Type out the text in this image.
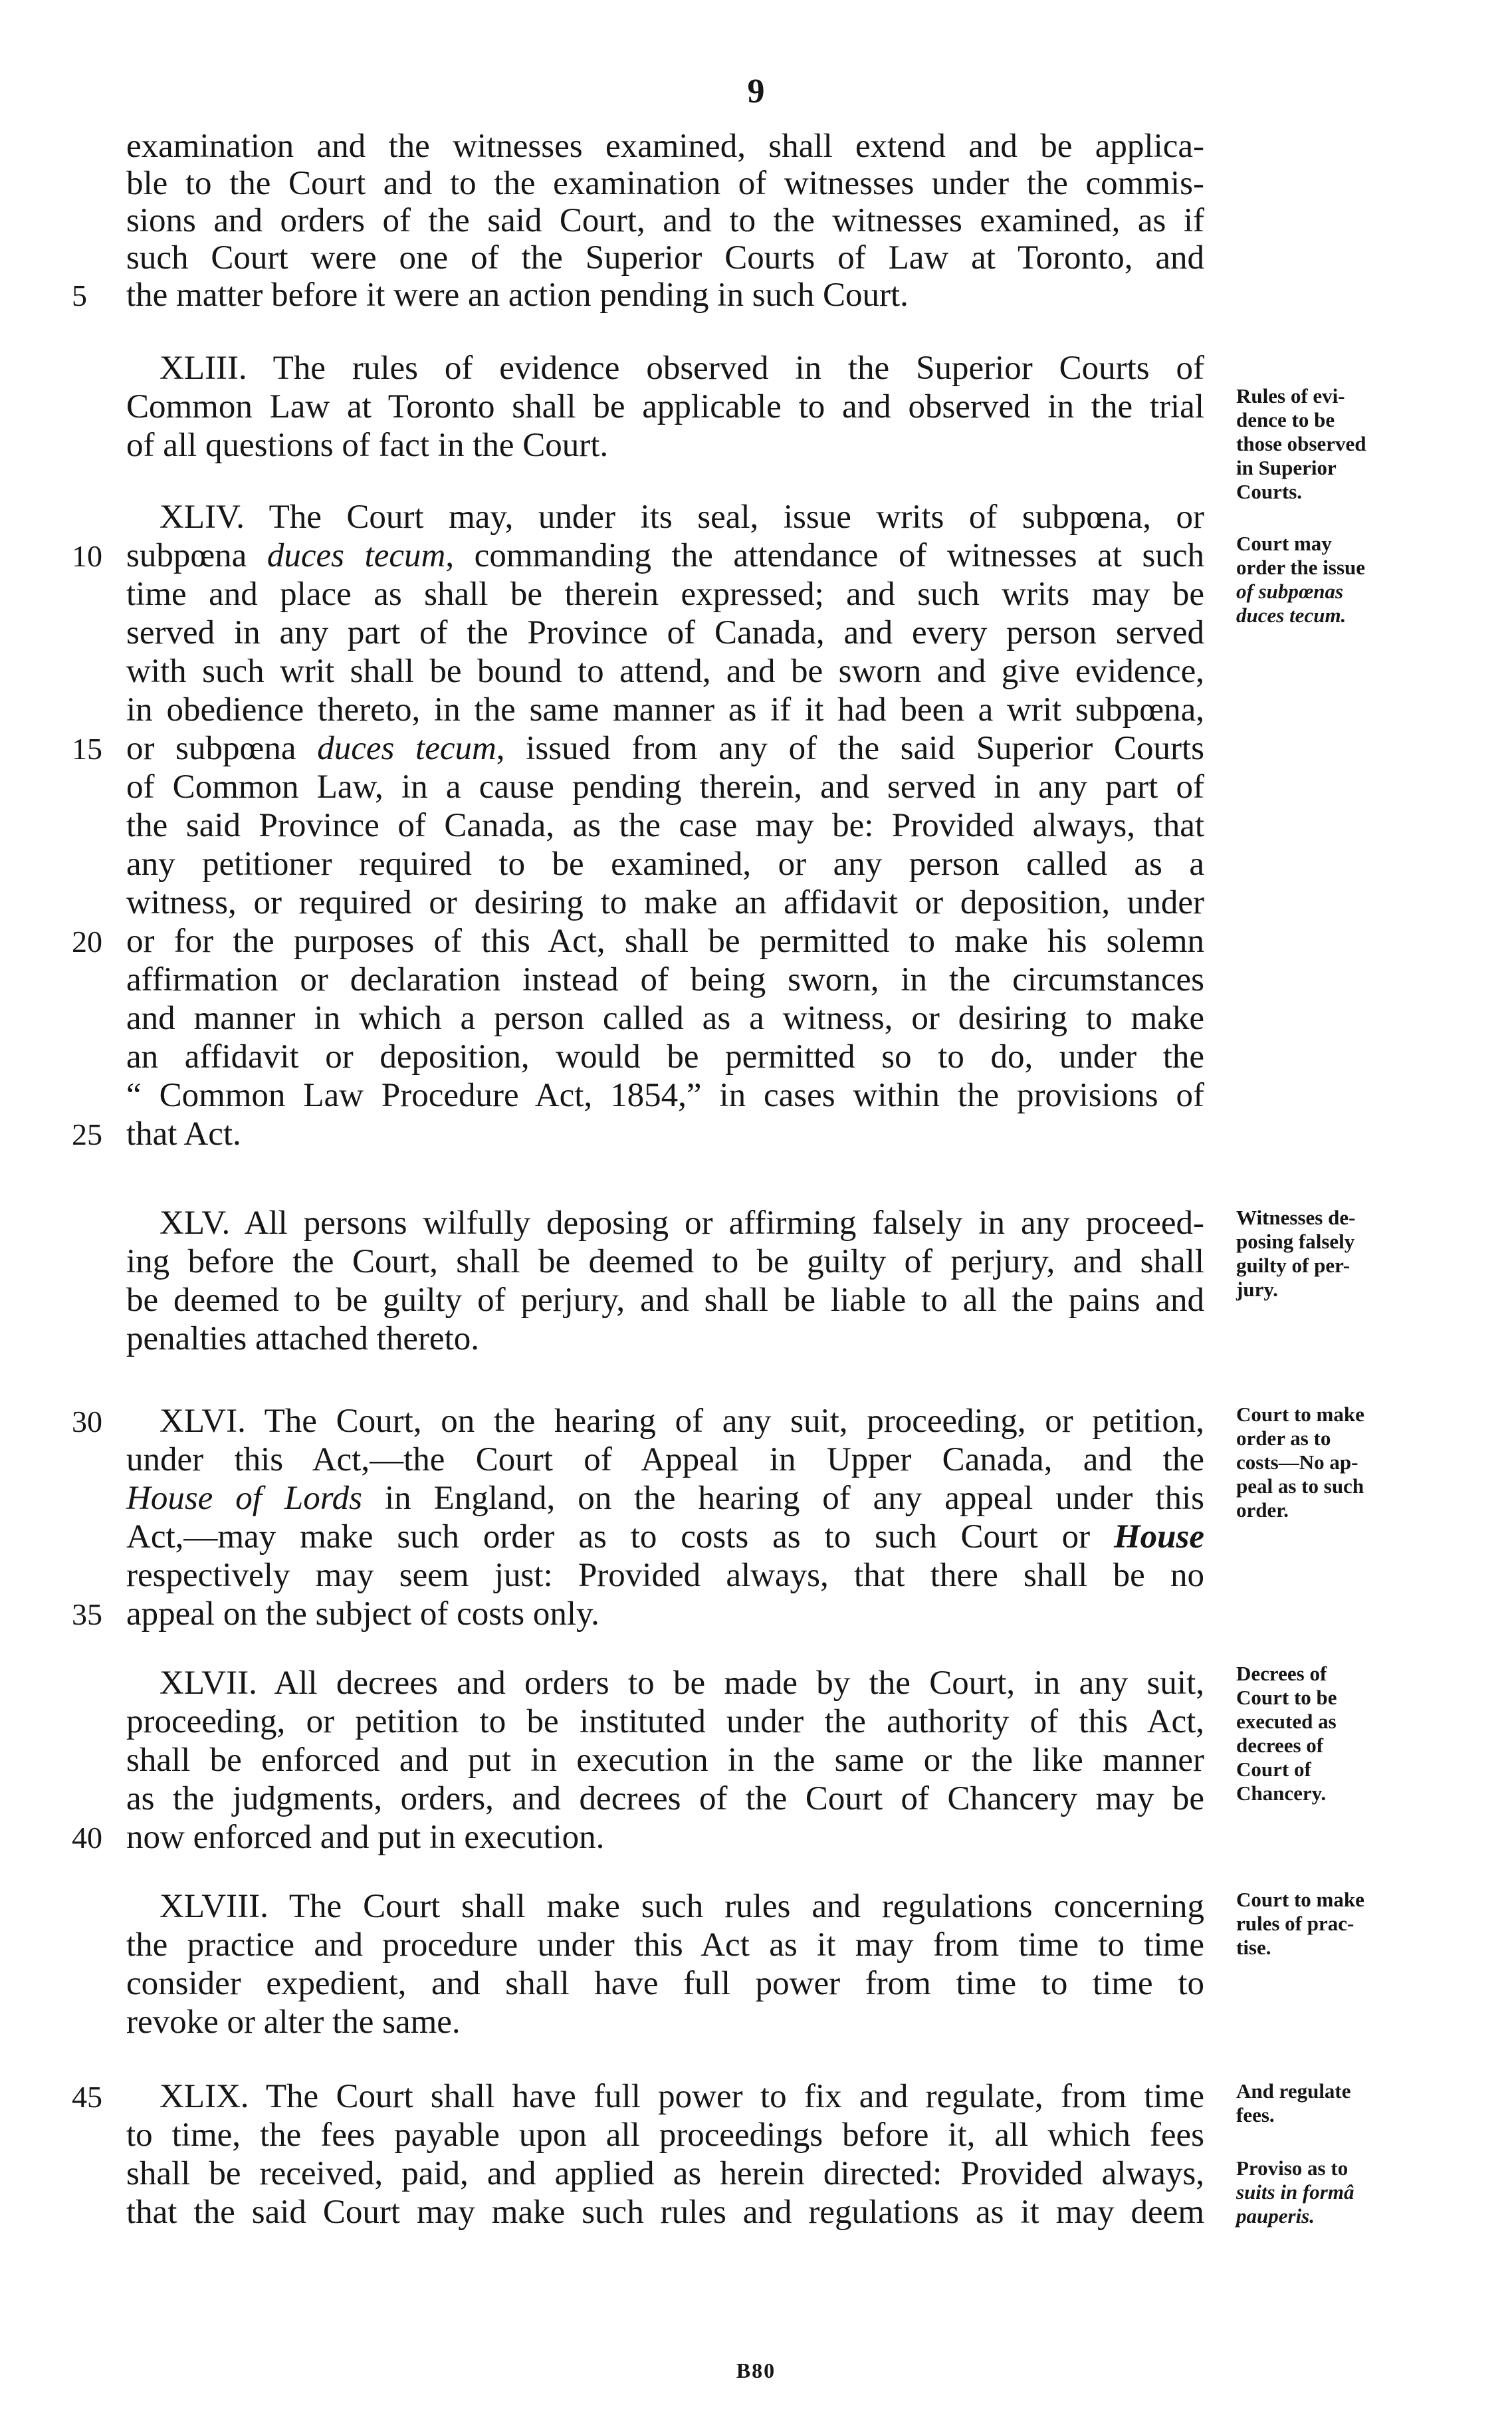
9
examination and the witnesses examined, shall extend and be applica-
ble to the Court and to the examination of witnesses under the commis-
sions and orders of the said Court, and to the witnesses examined, as if
such Court were one of the Superior Courts of Law at Toronto, and
5	the matter before it were an action pending in such Court.
XLIII. The rules of evidence observed in the Superior Courts of
Common Law at Toronto shall be applicable to and observed in the trial
of all questions of fact in the Court.
XLIV. The Court may, under its seal, issue writs of subpœna, or
10 subpœna duces tecum, commanding the attendance of witnesses at such
time and place as shall be therein expressed; and such writs may be
served in any part of the Province of Canada, and every person served
with such writ shall be bound to attend, and be sworn and give evidence,
in obedience thereto, in the same manner as if it had been a writ subpœna,
15 or subpœna duces tecum, issued from any of the said Superior Courts
of Common Law, in a cause pending therein, and served in any part of
the said Province of Canada, as the case may be: Provided always, that
any petitioner required to be examined, or any person called as a
witness, or required or desiring to make an affidavit or deposition, under
20 or for the purposes of this Act, shall be permitted to make his solemn
affirmation or declaration instead of being sworn, in the circumstances
and manner in which a person called as a witness, or desiring to make
an affidavit or deposition, would be permitted so to do, under the
“ Common Law Procedure Act, 1854,” in cases within the provisions of
25 that Act.
XLV. All persons wilfully deposing or affirming falsely in any proceed-
ing before the Court, shall be deemed to be guilty of perjury, and shall
be deemed to be guilty of perjury, and shall be liable to all the pains and
penalties attached thereto.
30 XLVI. The Court, on the hearing of any suit, proceeding, or petition,
under this Act,—the Court of Appeal in Upper Canada, and the
House of Lords in England, on the hearing of any appeal under this
Act,—may make such order as to costs as to such Court or House
respectively may seem just: Provided always, that there shall be no
35 appeal on the subject of costs only.
XLVII. All decrees and orders to be made by the Court, in any suit,
proceeding, or petition to be instituted under the authority of this Act,
shall be enforced and put in execution in the same or the like manner
as the judgments, orders, and decrees of the Court of Chancery may be
40 now enforced and put in execution.
XLVIII. The Court shall make such rules and regulations concerning
the practice and procedure under this Act as it may from time to time
consider expedient, and shall have full power from time to time to
revoke or alter the same.
45 XLIX. The Court shall have full power to fix and regulate, from time
to time, the fees payable upon all proceedings before it, all which fees
shall be received, paid, and applied as herein directed: Provided always,
that the said Court may make such rules and regulations as it may deem
Rules of evi-
dence to be
those observed
in Superior
Courts.
Court may
order the issue
of subpœnas
duces tecum.
Witnesses de-
posing falsely
guilty of per-
jury.
Court to make
order as to
costs—No ap-
peal as to such
order.
Decrees of
Court to be
executed as
decrees of
Court of
Chancery.
Court to make
rules of prac-
tise.
And regulate
fees.
Proviso as to
suits in formâ
pauperis.
B80
